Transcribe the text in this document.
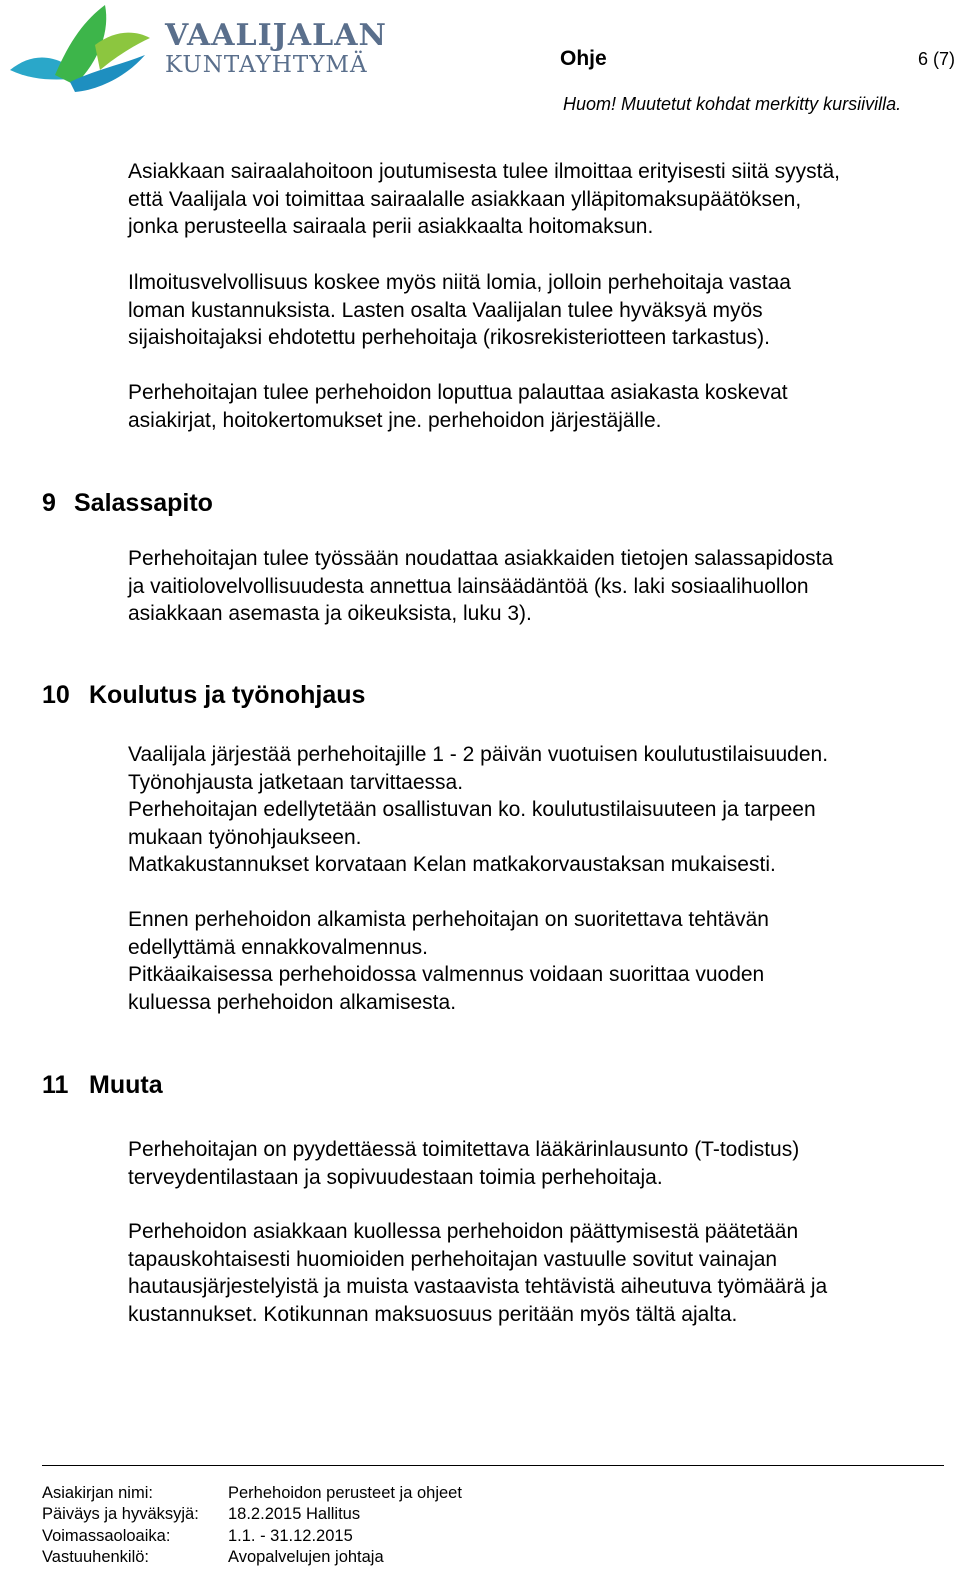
VAALIJALAN
KUNTAYHTYMÄ	Ohje	6 (7)
Huom! Muutetut kohdat merkitty kursiivilla.
Asiakkaan sairaalahoitoon joutumisesta tulee ilmoittaa erityisesti siitä syystä,
että Vaalijala voi toimittaa sairaalalle asiakkaan ylläpitomaksupäätöksen,
jonka perusteella sairaala perii asiakkaalta hoitomaksun.
Ilmoitusvelvollisuus koskee myös niitä lomia, jolloin perhehoitaja vastaa
loman kustannuksista. Lasten osalta Vaalijalan tulee hyväksyä myös
sijaishoitajaksi ehdotettu perhehoitaja (rikosrekisteriotteen tarkastus).
Perhehoitajan tulee perhehoidon loputtua palauttaa asiakasta koskevat
asiakirjat, hoitokertomukset jne. perhehoidon järjestäjälle.
9 Salassapito
Perhehoitajan tulee työssään noudattaa asiakkaiden tietojen salassapidosta
ja vaitiolovelvollisuudesta annettua lainsäädäntöä (ks. laki sosiaalihuollon
asiakkaan asemasta ja oikeuksista, luku 3).
10 Koulutus ja työnohjaus
Vaalijala järjestää perhehoitajille 1 - 2 päivän vuotuisen koulutustilaisuuden.
Työnohjausta jatketaan tarvittaessa.
Perhehoitajan edellytetään osallistuvan ko. koulutustilaisuuteen ja tarpeen
mukaan työnohjaukseen.
Matkakustannukset korvataan Kelan matkakorvaustaksan mukaisesti.
Ennen perhehoidon alkamista perhehoitajan on suoritettava tehtävän
edellyttämä ennakkovalmennus.
Pitkäaikaisessa perhehoidossa valmennus voidaan suorittaa vuoden
kuluessa perhehoidon alkamisesta.
11 Muuta
Perhehoitajan on pyydettäessä toimitettava lääkärinlausunto (T-todistus)
terveydentilastaan ja sopivuudestaan toimia perhehoitaja.
Perhehoidon asiakkaan kuollessa perhehoidon päättymisestä päätetään
tapauskohtaisesti huomioiden perhehoitajan vastuulle sovitut vainajan
hautausjärjestelyistä ja muista vastaavista tehtävistä aiheutuva työmäärä ja
kustannukset. Kotikunnan maksuosuus peritään myös tältä ajalta.
Asiakirjan nimi:	Perhehoidon perusteet ja ohjeet
Päiväys ja hyväksyjä:	18.2.2015 Hallitus
Voimassaoloaika:	1.1. - 31.12.2015
Vastuuhenkilö:	Avopalvelujen johtaja
